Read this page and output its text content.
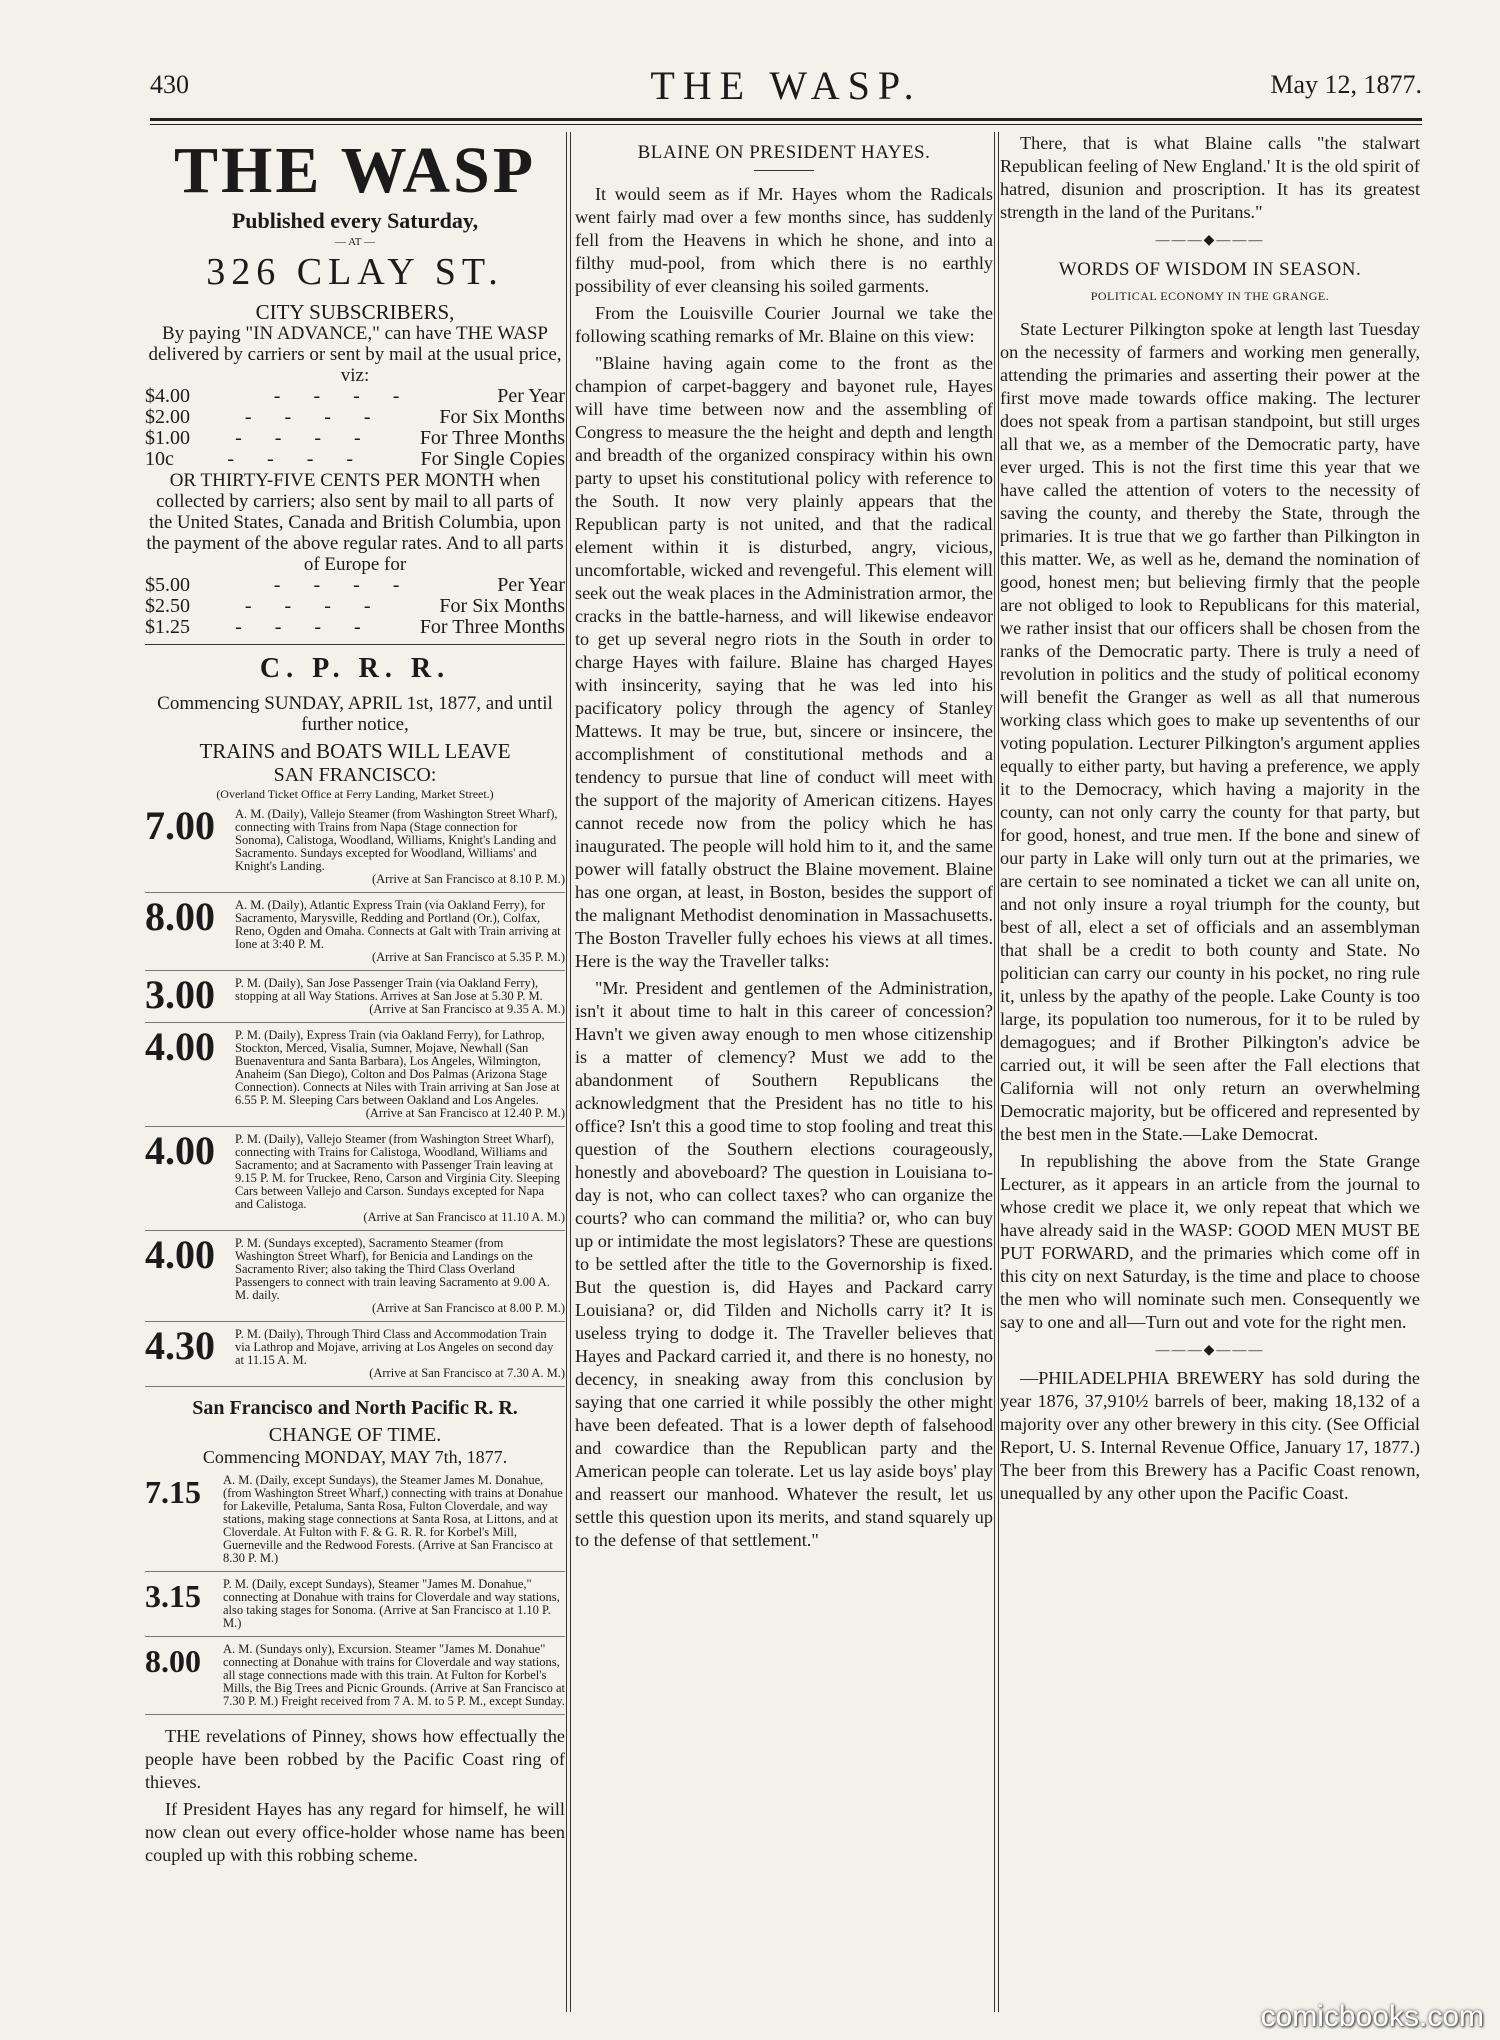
430	THE WASP.	May 12, 1877.
THE WASP
Published every Saturday,
— AT —
326 CLAY ST.
CITY SUBSCRIBERS,
By paying "IN ADVANCE," can have THE WASP delivered by carriers or sent by mail at the usual price, viz:
$4.00	- - - -	Per Year
$2.00	- - - -	For Six Months
$1.00	- - - -	For Three Months
10c	- - - -	For Single Copies
OR THIRTY-FIVE CENTS PER MONTH when collected by carriers; also sent by mail to all parts of the United States, Canada and British Columbia, upon the payment of the above regular rates. And to all parts of Europe for
$5.00	- - - -	Per Year
$2.50	- - - -	For Six Months
$1.25	- - - -	For Three Months
C. P. R. R.
Commencing SUNDAY, APRIL 1st, 1877, and until further notice,
TRAINS and BOATS WILL LEAVE
SAN FRANCISCO:
(Overland Ticket Office at Ferry Landing, Market Street.)
7.00	A. M. (Daily), Vallejo Steamer (from Washington Street Wharf), connecting with Trains from Napa (Stage connection for Sonoma), Calistoga, Woodland, Williams, Knight's Landing and Sacramento. Sundays excepted for Woodland, Williams' and Knight's Landing.
(Arrive at San Francisco at 8.10 P. M.)
8.00	A. M. (Daily), Atlantic Express Train (via Oakland Ferry), for Sacramento, Marysville, Redding and Portland (Or.), Colfax, Reno, Ogden and Omaha. Connects at Galt with Train arriving at Ione at 3:40 P. M.
(Arrive at San Francisco at 5.35 P. M.)
3.00	P. M. (Daily), San Jose Passenger Train (via Oakland Ferry), stopping at all Way Stations. Arrives at San Jose at 5.30 P. M.
(Arrive at San Francisco at 9.35 A. M.)
4.00	P. M. (Daily), Express Train (via Oakland Ferry), for Lathrop, Stockton, Merced, Visalia, Sumner, Mojave, Newhall (San Buenaventura and Santa Barbara), Los Angeles, Wilmington, Anaheim (San Diego), Colton and Dos Palmas (Arizona Stage Connection). Connects at Niles with Train arriving at San Jose at 6.55 P. M. Sleeping Cars between Oakland and Los Angeles.
(Arrive at San Francisco at 12.40 P. M.)
4.00	P. M. (Daily), Vallejo Steamer (from Washington Street Wharf), connecting with Trains for Calistoga, Woodland, Williams and Sacramento; and at Sacramento with Passenger Train leaving at 9.15 P. M. for Truckee, Reno, Carson and Virginia City. Sleeping Cars between Vallejo and Carson. Sundays excepted for Napa and Calistoga.
(Arrive at San Francisco at 11.10 A. M.)
4.00	P. M. (Sundays excepted), Sacramento Steamer (from Washington Street Wharf), for Benicia and Landings on the Sacramento River; also taking the Third Class Overland Passengers to connect with train leaving Sacramento at 9.00 A. M. daily.
(Arrive at San Francisco at 8.00 P. M.)
4.30	P. M. (Daily), Through Third Class and Accommodation Train via Lathrop and Mojave, arriving at Los Angeles on second day at 11.15 A. M.
(Arrive at San Francisco at 7.30 A. M.)
San Francisco and North Pacific R. R.
CHANGE OF TIME.
Commencing MONDAY, MAY 7th, 1877.
7.15	A. M. (Daily, except Sundays), the Steamer James M. Donahue, (from Washington Street Wharf,) connecting with trains at Donahue for Lakeville, Petaluma, Santa Rosa, Fulton Cloverdale, and way stations, making stage connections at Santa Rosa, at Littons, and at Cloverdale. At Fulton with F. & G. R. R. for Korbel's Mill, Guerneville and the Redwood Forests. (Arrive at San Francisco at 8.30 P. M.)
3.15	P. M. (Daily, except Sundays), Steamer "James M. Donahue," connecting at Donahue with trains for Cloverdale and way stations, also taking stages for Sonoma. (Arrive at San Francisco at 1.10 P. M.)
8.00	A. M. (Sundays only), Excursion. Steamer "James M. Donahue" connecting at Donahue with trains for Cloverdale and way stations, all stage connections made with this train. At Fulton for Korbel's Mills, the Big Trees and Picnic Grounds. (Arrive at San Francisco at 7.30 P. M.) Freight received from 7 A. M. to 5 P. M., except Sunday.

THE revelations of Pinney, shows how effectually the people have been robbed by the Pacific Coast ring of thieves.

If President Hayes has any regard for himself, he will now clean out every office-holder whose name has been coupled up with this robbing scheme.

BLAINE ON PRESIDENT HAYES.

It would seem as if Mr. Hayes whom the Radicals went fairly mad over a few months since, has suddenly fell from the Heavens in which he shone, and into a filthy mud-pool, from which there is no earthly possibility of ever cleansing his soiled garments.

From the Louisville Courier Journal we take the following scathing remarks of Mr. Blaine on this view:

"Blaine having again come to the front as the champion of carpet-baggery and bayonet rule, Hayes will have time between now and the assembling of Congress to measure the the height and depth and length and breadth of the organized conspiracy within his own party to upset his constitutional policy with reference to the South. It now very plainly appears that the Republican party is not united, and that the radical element within it is disturbed, angry, vicious, uncomfortable, wicked and revengeful. This element will seek out the weak places in the Administration armor, the cracks in the battle-harness, and will likewise endeavor to get up several negro riots in the South in order to charge Hayes with failure. Blaine has charged Hayes with insincerity, saying that he was led into his pacificatory policy through the agency of Stanley Mattews. It may be true, but, sincere or insincere, the accomplishment of constitutional methods and a tendency to pursue that line of conduct will meet with the support of the majority of American citizens. Hayes cannot recede now from the policy which he has inaugurated. The people will hold him to it, and the same power will fatally obstruct the Blaine movement. Blaine has one organ, at least, in Boston, besides the support of the malignant Methodist denomination in Massachusetts. The Boston Traveller fully echoes his views at all times. Here is the way the Traveller talks:

"Mr. President and gentlemen of the Administration, isn't it about time to halt in this career of concession? Havn't we given away enough to men whose citizenship is a matter of clemency? Must we add to the abandonment of Southern Republicans the acknowledgment that the President has no title to his office? Isn't this a good time to stop fooling and treat this question of the Southern elections courageously, honestly and aboveboard? The question in Louisiana to-day is not, who can collect taxes? who can organize the courts? who can command the militia? or, who can buy up or intimidate the most legislators? These are questions to be settled after the title to the Governorship is fixed. But the question is, did Hayes and Packard carry Louisiana? or, did Tilden and Nicholls carry it? It is useless trying to dodge it. The Traveller believes that Hayes and Packard carried it, and there is no honesty, no decency, in sneaking away from this conclusion by saying that one carried it while possibly the other might have been defeated. That is a lower depth of falsehood and cowardice than the Republican party and the American people can tolerate. Let us lay aside boys' play and reassert our manhood. Whatever the result, let us settle this question upon its merits, and stand squarely up to the defense of that settlement."

There, that is what Blaine calls "the stalwart Republican feeling of New England.' It is the old spirit of hatred, disunion and proscription. It has its greatest strength in the land of the Puritans."

———◆———
WORDS OF WISDOM IN SEASON.
POLITICAL ECONOMY IN THE GRANGE.

State Lecturer Pilkington spoke at length last Tuesday on the necessity of farmers and working men generally, attending the primaries and asserting their power at the first move made towards office making. The lecturer does not speak from a partisan standpoint, but still urges all that we, as a member of the Democratic party, have ever urged. This is not the first time this year that we have called the attention of voters to the necessity of saving the county, and thereby the State, through the primaries. It is true that we go farther than Pilkington in this matter. We, as well as he, demand the nomination of good, honest men; but believing firmly that the people are not obliged to look to Republicans for this material, we rather insist that our officers shall be chosen from the ranks of the Democratic party. There is truly a need of revolution in politics and the study of political economy will benefit the Granger as well as all that numerous working class which goes to make up seventenths of our voting population. Lecturer Pilkington's argument applies equally to either party, but having a preference, we apply it to the Democracy, which having a majority in the county, can not only carry the county for that party, but for good, honest, and true men. If the bone and sinew of our party in Lake will only turn out at the primaries, we are certain to see nominated a ticket we can all unite on, and not only insure a royal triumph for the county, but best of all, elect a set of officials and an assemblyman that shall be a credit to both county and State. No politician can carry our county in his pocket, no ring rule it, unless by the apathy of the people. Lake County is too large, its population too numerous, for it to be ruled by demagogues; and if Brother Pilkington's advice be carried out, it will be seen after the Fall elections that California will not only return an overwhelming Democratic majority, but be officered and represented by the best men in the State.—Lake Democrat.

In republishing the above from the State Grange Lecturer, as it appears in an article from the journal to whose credit we place it, we only repeat that which we have already said in the WASP: GOOD MEN MUST BE PUT FORWARD, and the primaries which come off in this city on next Saturday, is the time and place to choose the men who will nominate such men. Consequently we say to one and all—Turn out and vote for the right men.

———◆———

—PHILADELPHIA BREWERY has sold during the year 1876, 37,910½ barrels of beer, making 18,132 of a majority over any other brewery in this city. (See Official Report, U. S. Internal Revenue Office, January 17, 1877.) The beer from this Brewery has a Pacific Coast renown, unequalled by any other upon the Pacific Coast.

comicbooks.com
